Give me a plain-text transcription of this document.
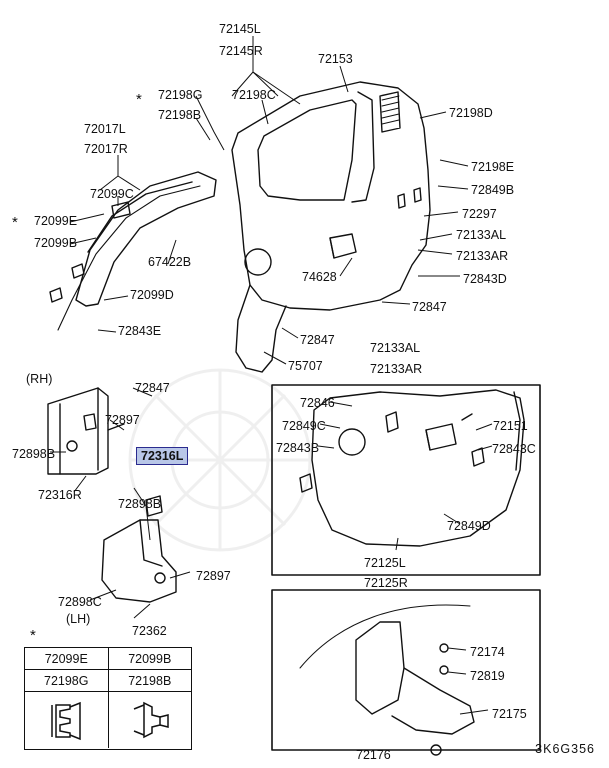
72145L
72145R
72153
72198G 72198C
72198B	72198D
72017L
72017R
72198E
72099C	72849B
72297
72099E
72133AL
72099B
72133AR
67422B
74628	72843D
72099D
72847
72843E
72847
72133AL
75707	72133AR
72847
72846
72897	72849C	72151
72843B	72843C
72898B
72316R
72898B
72849D
72125L
72897	72125R
72898C
72362
72174
72819
72175
72176
*
*
*
(RH)
(LH)
72316L
72099E	72099B
72198G	72198B
3K6G356
